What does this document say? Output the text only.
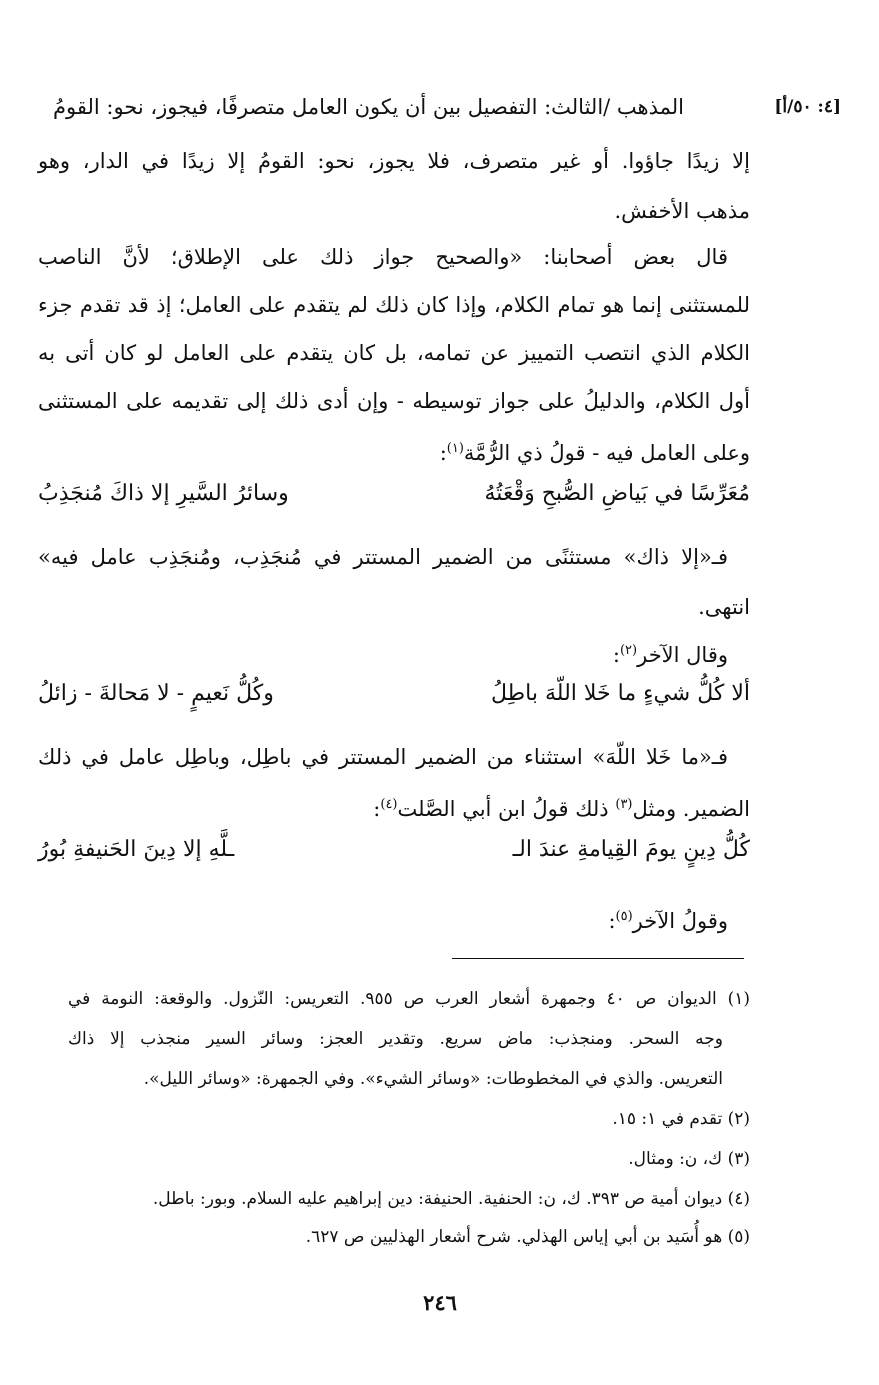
[٤: ٥٠/أ]
المذهب /الثالث: التفصيل بين أن يكون العامل متصرفًا، فيجوز، نحو: القومُ
إلا زيدًا جاؤوا. أو غير متصرف، فلا يجوز، نحو: القومُ إلا زيدًا في الدار، وهو
مذهب الأخفش.
قال بعض أصحابنا: «والصحيح جواز ذلك على الإطلاق؛ لأنَّ الناصب
للمستثنى إنما هو تمام الكلام، وإذا كان ذلك لم يتقدم على العامل؛ إذ قد تقدم جزء
الكلام الذي انتصب التمييز عن تمامه، بل كان يتقدم على العامل لو كان أتى به
أول الكلام، والدليلُ على جواز توسيطه - وإن أدى ذلك إلى تقديمه على المستثنى
وعلى العامل فيه - قولُ ذي الرُّمَّة$^{(١)}$:
مُعَرِّسًا في بَياضِ الصُّبحِ وَقْعَتُهُ
وسائرُ السَّيرِ إلا ذاكَ مُنجَذِبُ
فـ«إلا ذاك» مستثنًى من الضمير المستتر في مُنجَذِب، ومُنجَذِب عامل فيه»
انتهى.
وقال الآخر$^{(٢)}$:
ألا كُلُّ شيءٍ ما خَلا اللّهَ باطِلُ
وكُلُّ نَعيمٍ - لا مَحالةَ - زائلُ
فـ«ما خَلا اللّهَ» استثناء من الضمير المستتر في باطِل، وباطِل عامل في ذلك
الضمير. ومثل$^{(٣)}$ ذلك قولُ ابن أبي الصَّلت$^{(٤)}$:
كُلُّ دِينٍ يومَ القِيامةِ عندَ الـ
ـلَّهِ إلا دِينَ الحَنيفةِ بُورُ
وقولُ الآخر$^{(٥)}$:
(١) الديوان ص ٤٠ وجمهرة أشعار العرب ص ٩٥٥. التعريس: النّزول. والوقعة: النومة في
وجه السحر. ومنجذب: ماض سريع. وتقدير العجز: وسائر السير منجذب إلا ذاك
التعريس. والذي في المخطوطات: «وسائر الشيء». وفي الجمهرة: «وسائر الليل».
(٢) تقدم في ١: ١٥.
(٣) ك، ن: ومثال.
(٤) ديوان أمية ص ٣٩٣. ك، ن: الحنفية. الحنيفة: دين إبراهيم عليه السلام. وبور: باطل.
(٥) هو أُسَيد بن أبي إياس الهذلي. شرح أشعار الهذليين ص ٦٢٧.
٢٤٦
